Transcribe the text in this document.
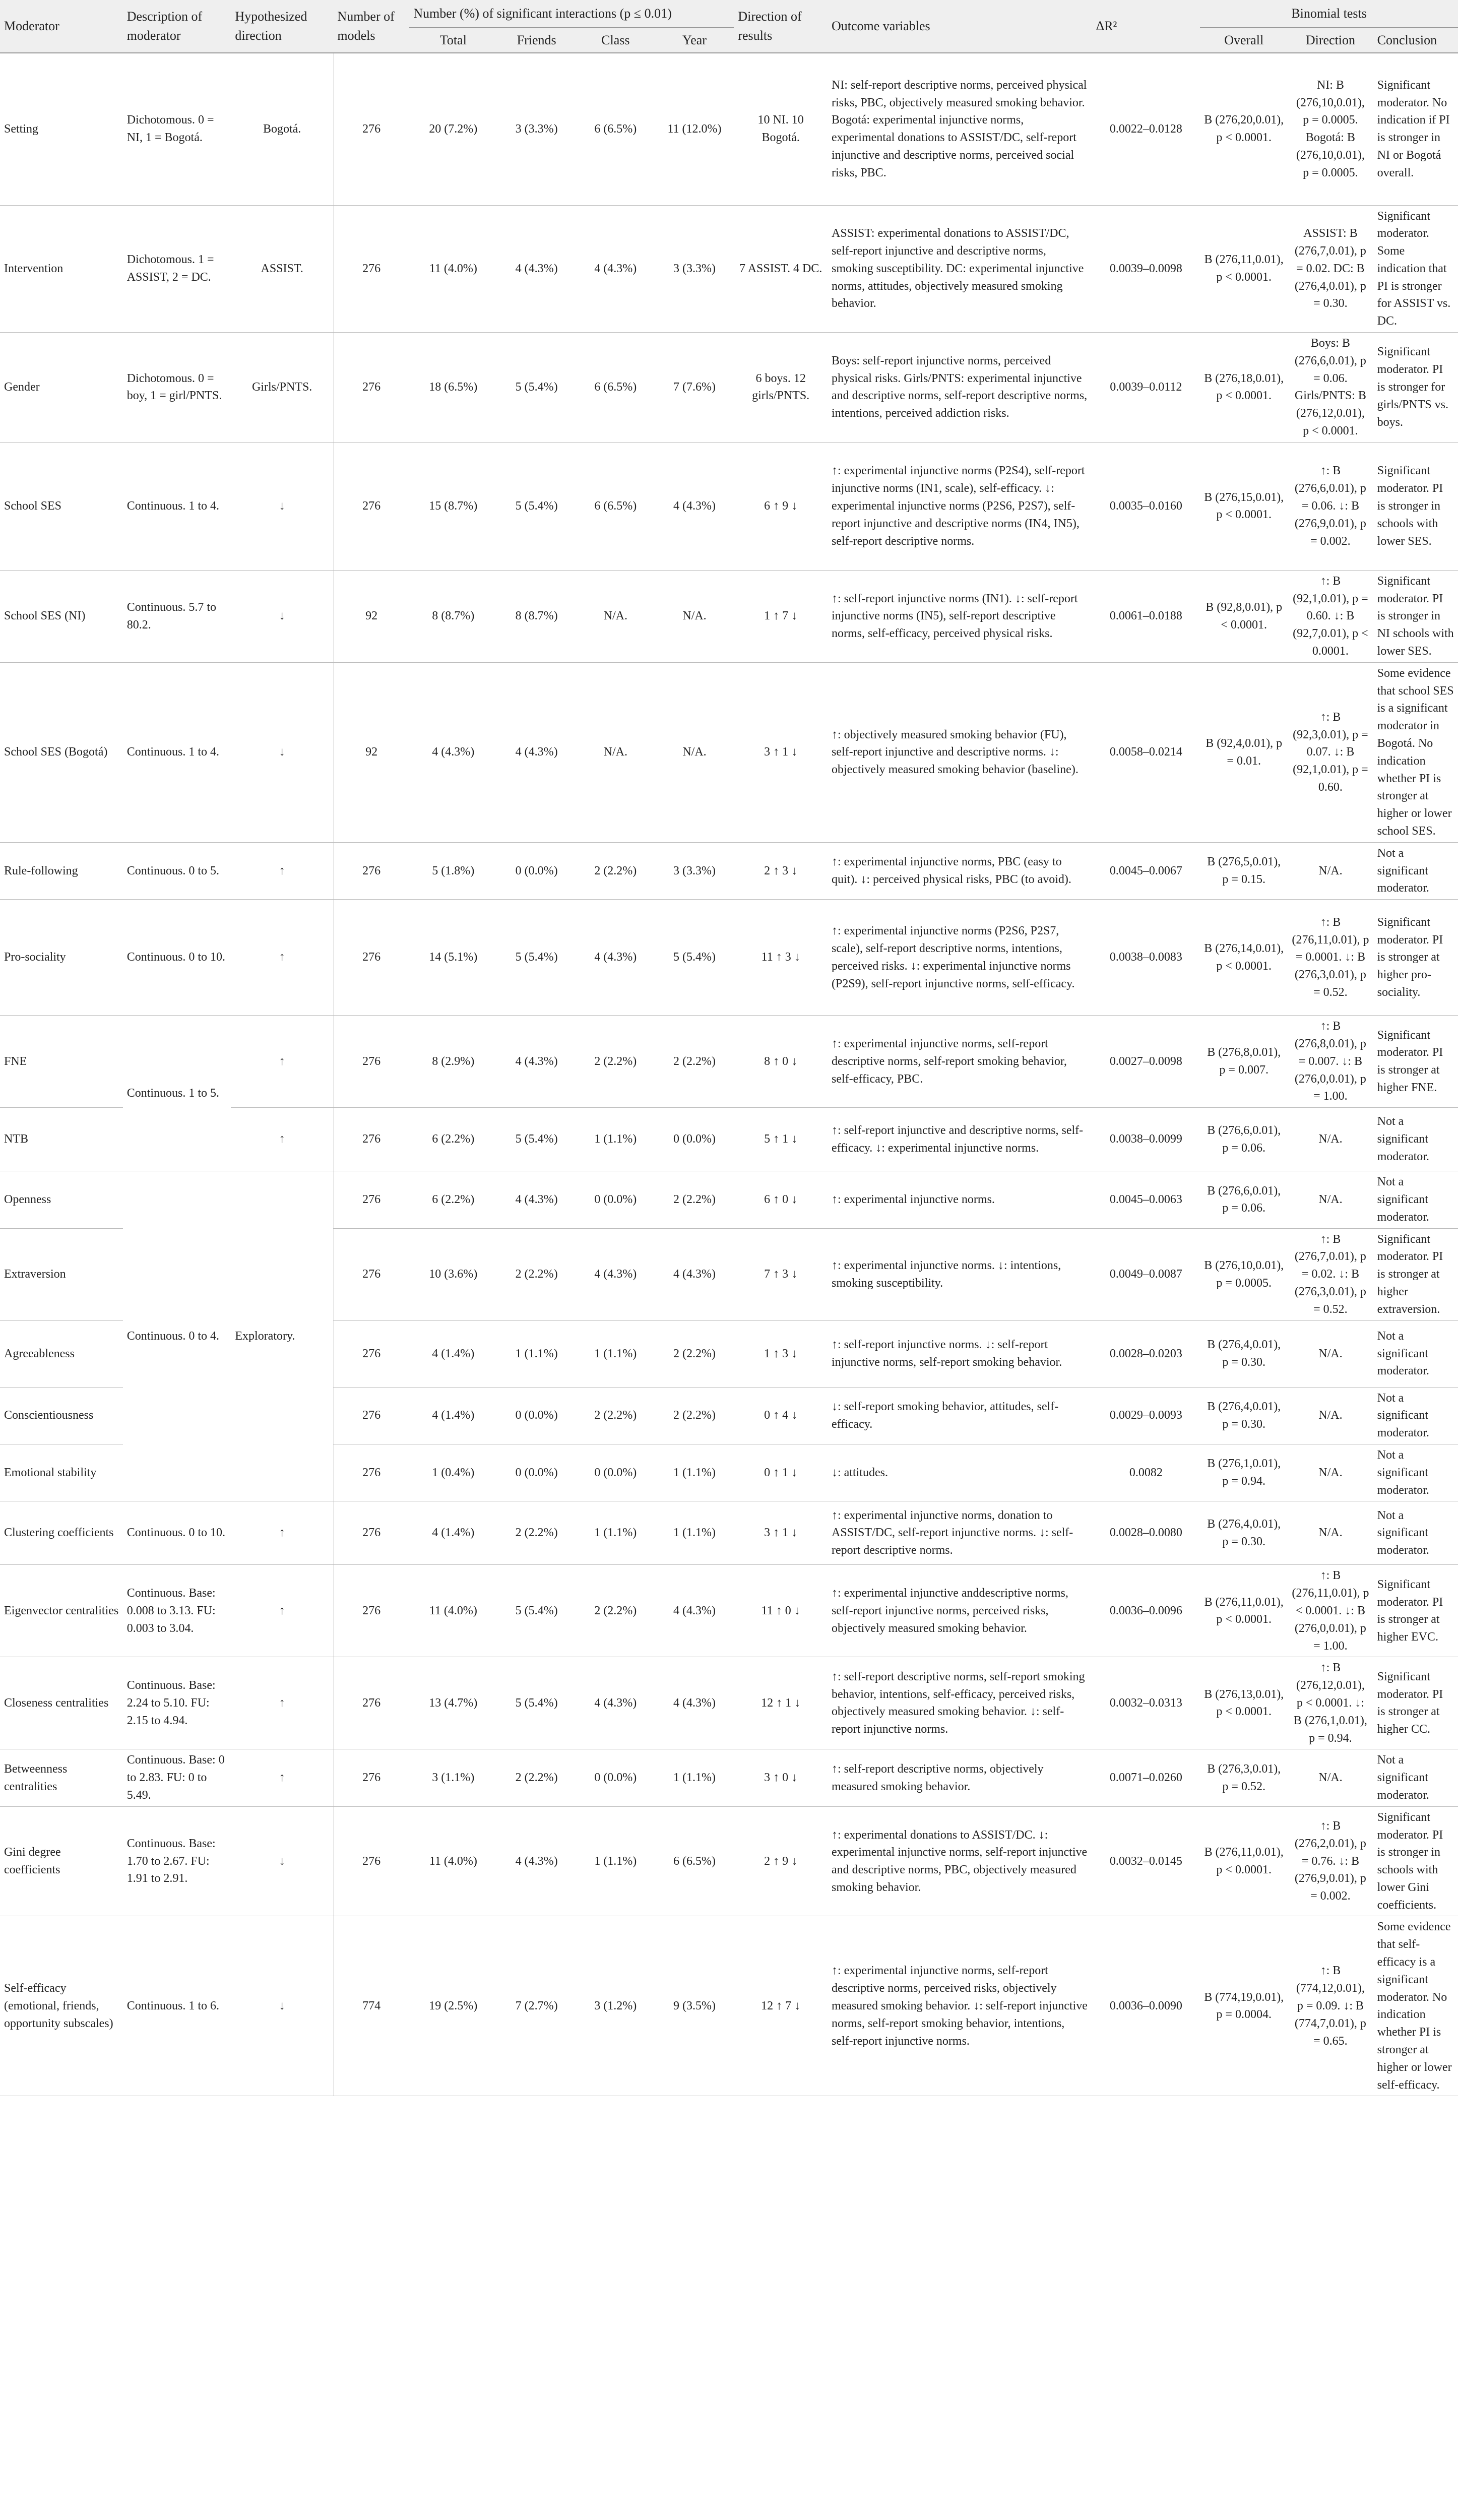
Moderator	Description of moderator	Hypothesized direction	Number of models	Number (%) of significant interactions (p ≤ 0.01)				Direction of results	Outcome variables	ΔR²	Binomial tests		
				Total	Friends	Class	Year				Overall	Direction	Conclusion
Setting	Dichotomous. 0 = NI, 1 = Bogotá.	Bogotá.	276	20 (7.2%)	3 (3.3%)	6 (6.5%)	11 (12.0%)	10 NI. 10 Bogotá.	NI: self-report descriptive norms, perceived physical risks, PBC, objectively measured smoking behavior. Bogotá: experimental injunctive norms, experimental donations to ASSIST/DC, self-report injunctive and descriptive norms, perceived social risks, PBC.	0.0022–0.0128	B (276,20,0.01), p < 0.0001.	NI: B (276,10,0.01), p = 0.0005. Bogotá: B (276,10,0.01), p = 0.0005.	Significant moderator. No indication if PI is stronger in NI or Bogotá overall.
Intervention	Dichotomous. 1 = ASSIST, 2 = DC.	ASSIST.	276	11 (4.0%)	4 (4.3%)	4 (4.3%)	3 (3.3%)	7 ASSIST. 4 DC.	ASSIST: experimental donations to ASSIST/DC, self-report injunctive and descriptive norms, smoking susceptibility. DC: experimental injunctive norms, attitudes, objectively measured smoking behavior.	0.0039–0.0098	B (276,11,0.01), p < 0.0001.	ASSIST: B (276,7,0.01), p = 0.02. DC: B (276,4,0.01), p = 0.30.	Significant moderator. Some indication that PI is stronger for ASSIST vs. DC.
Gender	Dichotomous. 0 = boy, 1 = girl/PNTS.	Girls/PNTS.	276	18 (6.5%)	5 (5.4%)	6 (6.5%)	7 (7.6%)	6 boys. 12 girls/PNTS.	Boys: self-report injunctive norms, perceived physical risks. Girls/PNTS: experimental injunctive and descriptive norms, self-report descriptive norms, intentions, perceived addiction risks.	0.0039–0.0112	B (276,18,0.01), p < 0.0001.	Boys: B (276,6,0.01), p = 0.06. Girls/PNTS: B (276,12,0.01), p < 0.0001.	Significant moderator. PI is stronger for girls/PNTS vs. boys.
School SES	Continuous. 1 to 4.	↓	276	15 (8.7%)	5 (5.4%)	6 (6.5%)	4 (4.3%)	6 ↑ 9 ↓	↑: experimental injunctive norms (P2S4), self-report injunctive norms (IN1, scale), self-efficacy. ↓: experimental injunctive norms (P2S6, P2S7), self-report injunctive and descriptive norms (IN4, IN5), self-report descriptive norms.	0.0035–0.0160	B (276,15,0.01), p < 0.0001.	↑: B (276,6,0.01), p = 0.06. ↓: B (276,9,0.01), p = 0.002.	Significant moderator. PI is stronger in schools with lower SES.
School SES (NI)	Continuous. 5.7 to 80.2.	↓	92	8 (8.7%)	8 (8.7%)	N/A.	N/A.	1 ↑ 7 ↓	↑: self-report injunctive norms (IN1). ↓: self-report injunctive norms (IN5), self-report descriptive norms, self-efficacy, perceived physical risks.	0.0061–0.0188	B (92,8,0.01), p < 0.0001.	↑: B (92,1,0.01), p = 0.60. ↓: B (92,7,0.01), p < 0.0001.	Significant moderator. PI is stronger in NI schools with lower SES.
School SES (Bogotá)	Continuous. 1 to 4.	↓	92	4 (4.3%)	4 (4.3%)	N/A.	N/A.	3 ↑ 1 ↓	↑: objectively measured smoking behavior (FU), self-report injunctive and descriptive norms. ↓: objectively measured smoking behavior (baseline).	0.0058–0.0214	B (92,4,0.01), p = 0.01.	↑: B (92,3,0.01), p = 0.07. ↓: B (92,1,0.01), p = 0.60.	Some evidence that school SES is a significant moderator in Bogotá. No indication whether PI is stronger at higher or lower school SES.
Rule-following	Continuous. 0 to 5.	↑	276	5 (1.8%)	0 (0.0%)	2 (2.2%)	3 (3.3%)	2 ↑ 3 ↓	↑: experimental injunctive norms, PBC (easy to quit). ↓: perceived physical risks, PBC (to avoid).	0.0045–0.0067	B (276,5,0.01), p = 0.15.	N/A.	Not a significant moderator.
Pro-sociality	Continuous. 0 to 10.	↑	276	14 (5.1%)	5 (5.4%)	4 (4.3%)	5 (5.4%)	11 ↑ 3 ↓	↑: experimental injunctive norms (P2S6, P2S7, scale), self-report descriptive norms, intentions, perceived risks. ↓: experimental injunctive norms (P2S9), self-report injunctive norms, self-efficacy.	0.0038–0.0083	B (276,14,0.01), p < 0.0001.	↑: B (276,11,0.01), p = 0.0001. ↓: B (276,3,0.01), p = 0.52.	Significant moderator. PI is stronger at higher pro-sociality.
FNE	Continuous. 1 to 5.	↑	276	8 (2.9%)	4 (4.3%)	2 (2.2%)	2 (2.2%)	8 ↑ 0 ↓	↑: experimental injunctive norms, self-report descriptive norms, self-report smoking behavior, self-efficacy, PBC.	0.0027–0.0098	B (276,8,0.01), p = 0.007.	↑: B (276,8,0.01), p = 0.007. ↓: B (276,0,0.01), p = 1.00.	Significant moderator. PI is stronger at higher FNE.
NTB		↑	276	6 (2.2%)	5 (5.4%)	1 (1.1%)	0 (0.0%)	5 ↑ 1 ↓	↑: self-report injunctive and descriptive norms, self-efficacy. ↓: experimental injunctive norms.	0.0038–0.0099	B (276,6,0.01), p = 0.06.	N/A.	Not a significant moderator.
Openness	Continuous. 0 to 4.	Exploratory.	276	6 (2.2%)	4 (4.3%)	0 (0.0%)	2 (2.2%)	6 ↑ 0 ↓	↑: experimental injunctive norms.	0.0045–0.0063	B (276,6,0.01), p = 0.06.	N/A.	Not a significant moderator.
Extraversion			276	10 (3.6%)	2 (2.2%)	4 (4.3%)	4 (4.3%)	7 ↑ 3 ↓	↑: experimental injunctive norms. ↓: intentions, smoking susceptibility.	0.0049–0.0087	B (276,10,0.01), p = 0.0005.	↑: B (276,7,0.01), p = 0.02. ↓: B (276,3,0.01), p = 0.52.	Significant moderator. PI is stronger at higher extraversion.
Agreeableness			276	4 (1.4%)	1 (1.1%)	1 (1.1%)	2 (2.2%)	1 ↑ 3 ↓	↑: self-report injunctive norms. ↓: self-report injunctive norms, self-report smoking behavior.	0.0028–0.0203	B (276,4,0.01), p = 0.30.	N/A.	Not a significant moderator.
Conscientiousness			276	4 (1.4%)	0 (0.0%)	2 (2.2%)	2 (2.2%)	0 ↑ 4 ↓	↓: self-report smoking behavior, attitudes, self-efficacy.	0.0029–0.0093	B (276,4,0.01), p = 0.30.	N/A.	Not a significant moderator.
Emotional stability			276	1 (0.4%)	0 (0.0%)	0 (0.0%)	1 (1.1%)	0 ↑ 1 ↓	↓: attitudes.	0.0082	B (276,1,0.01), p = 0.94.	N/A.	Not a significant moderator.
Clustering coefficients	Continuous. 0 to 10.	↑	276	4 (1.4%)	2 (2.2%)	1 (1.1%)	1 (1.1%)	3 ↑ 1 ↓	↑: experimental injunctive norms, donation to ASSIST/DC, self-report injunctive norms. ↓: self-report descriptive norms.	0.0028–0.0080	B (276,4,0.01), p = 0.30.	N/A.	Not a significant moderator.
Eigenvector centralities	Continuous. Base: 0.008 to 3.13. FU: 0.003 to 3.04.	↑	276	11 (4.0%)	5 (5.4%)	2 (2.2%)	4 (4.3%)	11 ↑ 0 ↓	↑: experimental injunctive anddescriptive norms, self-report injunctive norms, perceived risks, objectively measured smoking behavior.	0.0036–0.0096	B (276,11,0.01), p < 0.0001.	↑: B (276,11,0.01), p < 0.0001. ↓: B (276,0,0.01), p = 1.00.	Significant moderator. PI is stronger at higher EVC.
Closeness centralities	Continuous. Base: 2.24 to 5.10. FU: 2.15 to 4.94.	↑	276	13 (4.7%)	5 (5.4%)	4 (4.3%)	4 (4.3%)	12 ↑ 1 ↓	↑: self-report descriptive norms, self-report smoking behavior, intentions, self-efficacy, perceived risks, objectively measured smoking behavior. ↓: self-report injunctive norms.	0.0032–0.0313	B (276,13,0.01), p < 0.0001.	↑: B (276,12,0.01), p < 0.0001. ↓: B (276,1,0.01), p = 0.94.	Significant moderator. PI is stronger at higher CC.
Betweenness centralities	Continuous. Base: 0 to 2.83. FU: 0 to 5.49.	↑	276	3 (1.1%)	2 (2.2%)	0 (0.0%)	1 (1.1%)	3 ↑ 0 ↓	↑: self-report descriptive norms, objectively measured smoking behavior.	0.0071–0.0260	B (276,3,0.01), p = 0.52.	N/A.	Not a significant moderator.
Gini degree coefficients	Continuous. Base: 1.70 to 2.67. FU: 1.91 to 2.91.	↓	276	11 (4.0%)	4 (4.3%)	1 (1.1%)	6 (6.5%)	2 ↑ 9 ↓	↑: experimental donations to ASSIST/DC. ↓: experimental injunctive norms, self-report injunctive and descriptive norms, PBC, objectively measured smoking behavior.	0.0032–0.0145	B (276,11,0.01), p < 0.0001.	↑: B (276,2,0.01), p = 0.76. ↓: B (276,9,0.01), p = 0.002.	Significant moderator. PI is stronger in schools with lower Gini coefficients.
Self-efficacy (emotional, friends, opportunity subscales)	Continuous. 1 to 6.	↓	774	19 (2.5%)	7 (2.7%)	3 (1.2%)	9 (3.5%)	12 ↑ 7 ↓	↑: experimental injunctive norms, self-report descriptive norms, perceived risks, objectively measured smoking behavior. ↓: self-report injunctive norms, self-report smoking behavior, intentions, self-report injunctive norms.	0.0036–0.0090	B (774,19,0.01), p = 0.0004.	↑: B (774,12,0.01), p = 0.09. ↓: B (774,7,0.01), p = 0.65.	Some evidence that self-efficacy is a significant moderator. No indication whether PI is stronger at higher or lower self-efficacy.
